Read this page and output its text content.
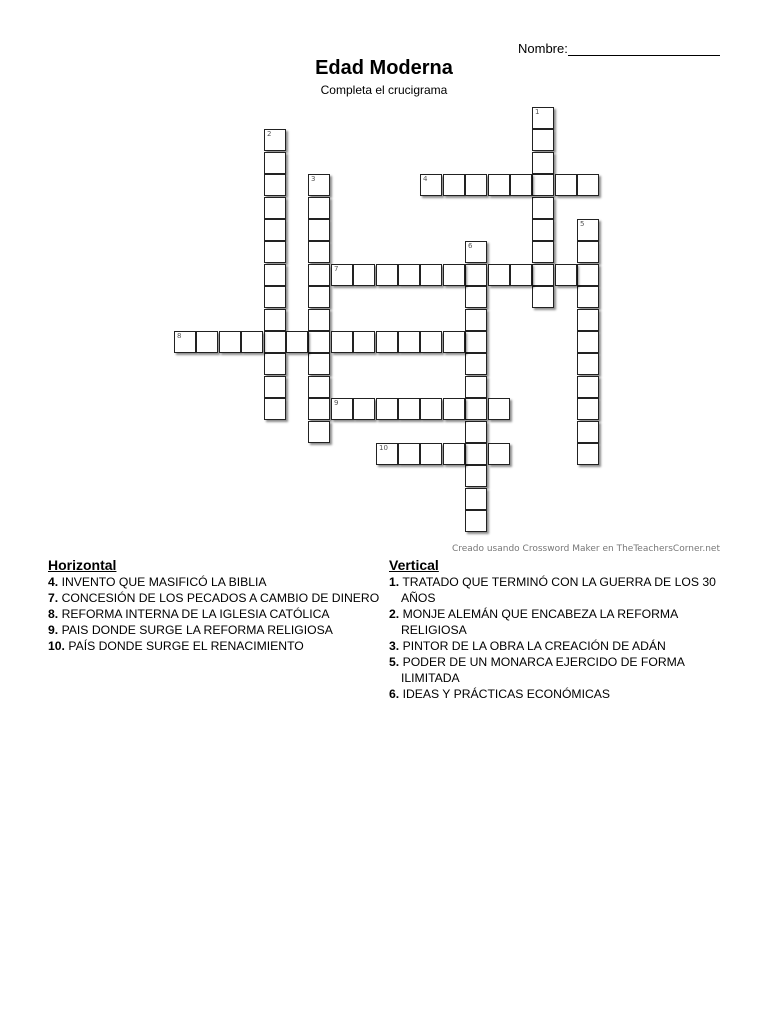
Nombre:
Edad Moderna
Completa el crucigrama
1
2
3	4
5
6
7
8
9
10
Creado usando Crossword Maker en TheTeachersCorner.net
Horizontal
4. INVENTO QUE MASIFICÓ LA BIBLIA
7. CONCESIÓN DE LOS PECADOS A CAMBIO DE DINERO
8. REFORMA INTERNA DE LA IGLESIA CATÓLICA
9. PAIS DONDE SURGE LA REFORMA RELIGIOSA
10. PAÍS DONDE SURGE EL RENACIMIENTO
Vertical
1. TRATADO QUE TERMINÓ CON LA GUERRA DE LOS 30 AÑOS
2. MONJE ALEMÁN QUE ENCABEZA LA REFORMA RELIGIOSA
3. PINTOR DE LA OBRA LA CREACIÓN DE ADÁN
5. PODER DE UN MONARCA EJERCIDO DE FORMA ILIMITADA
6. IDEAS Y PRÁCTICAS ECONÓMICAS
